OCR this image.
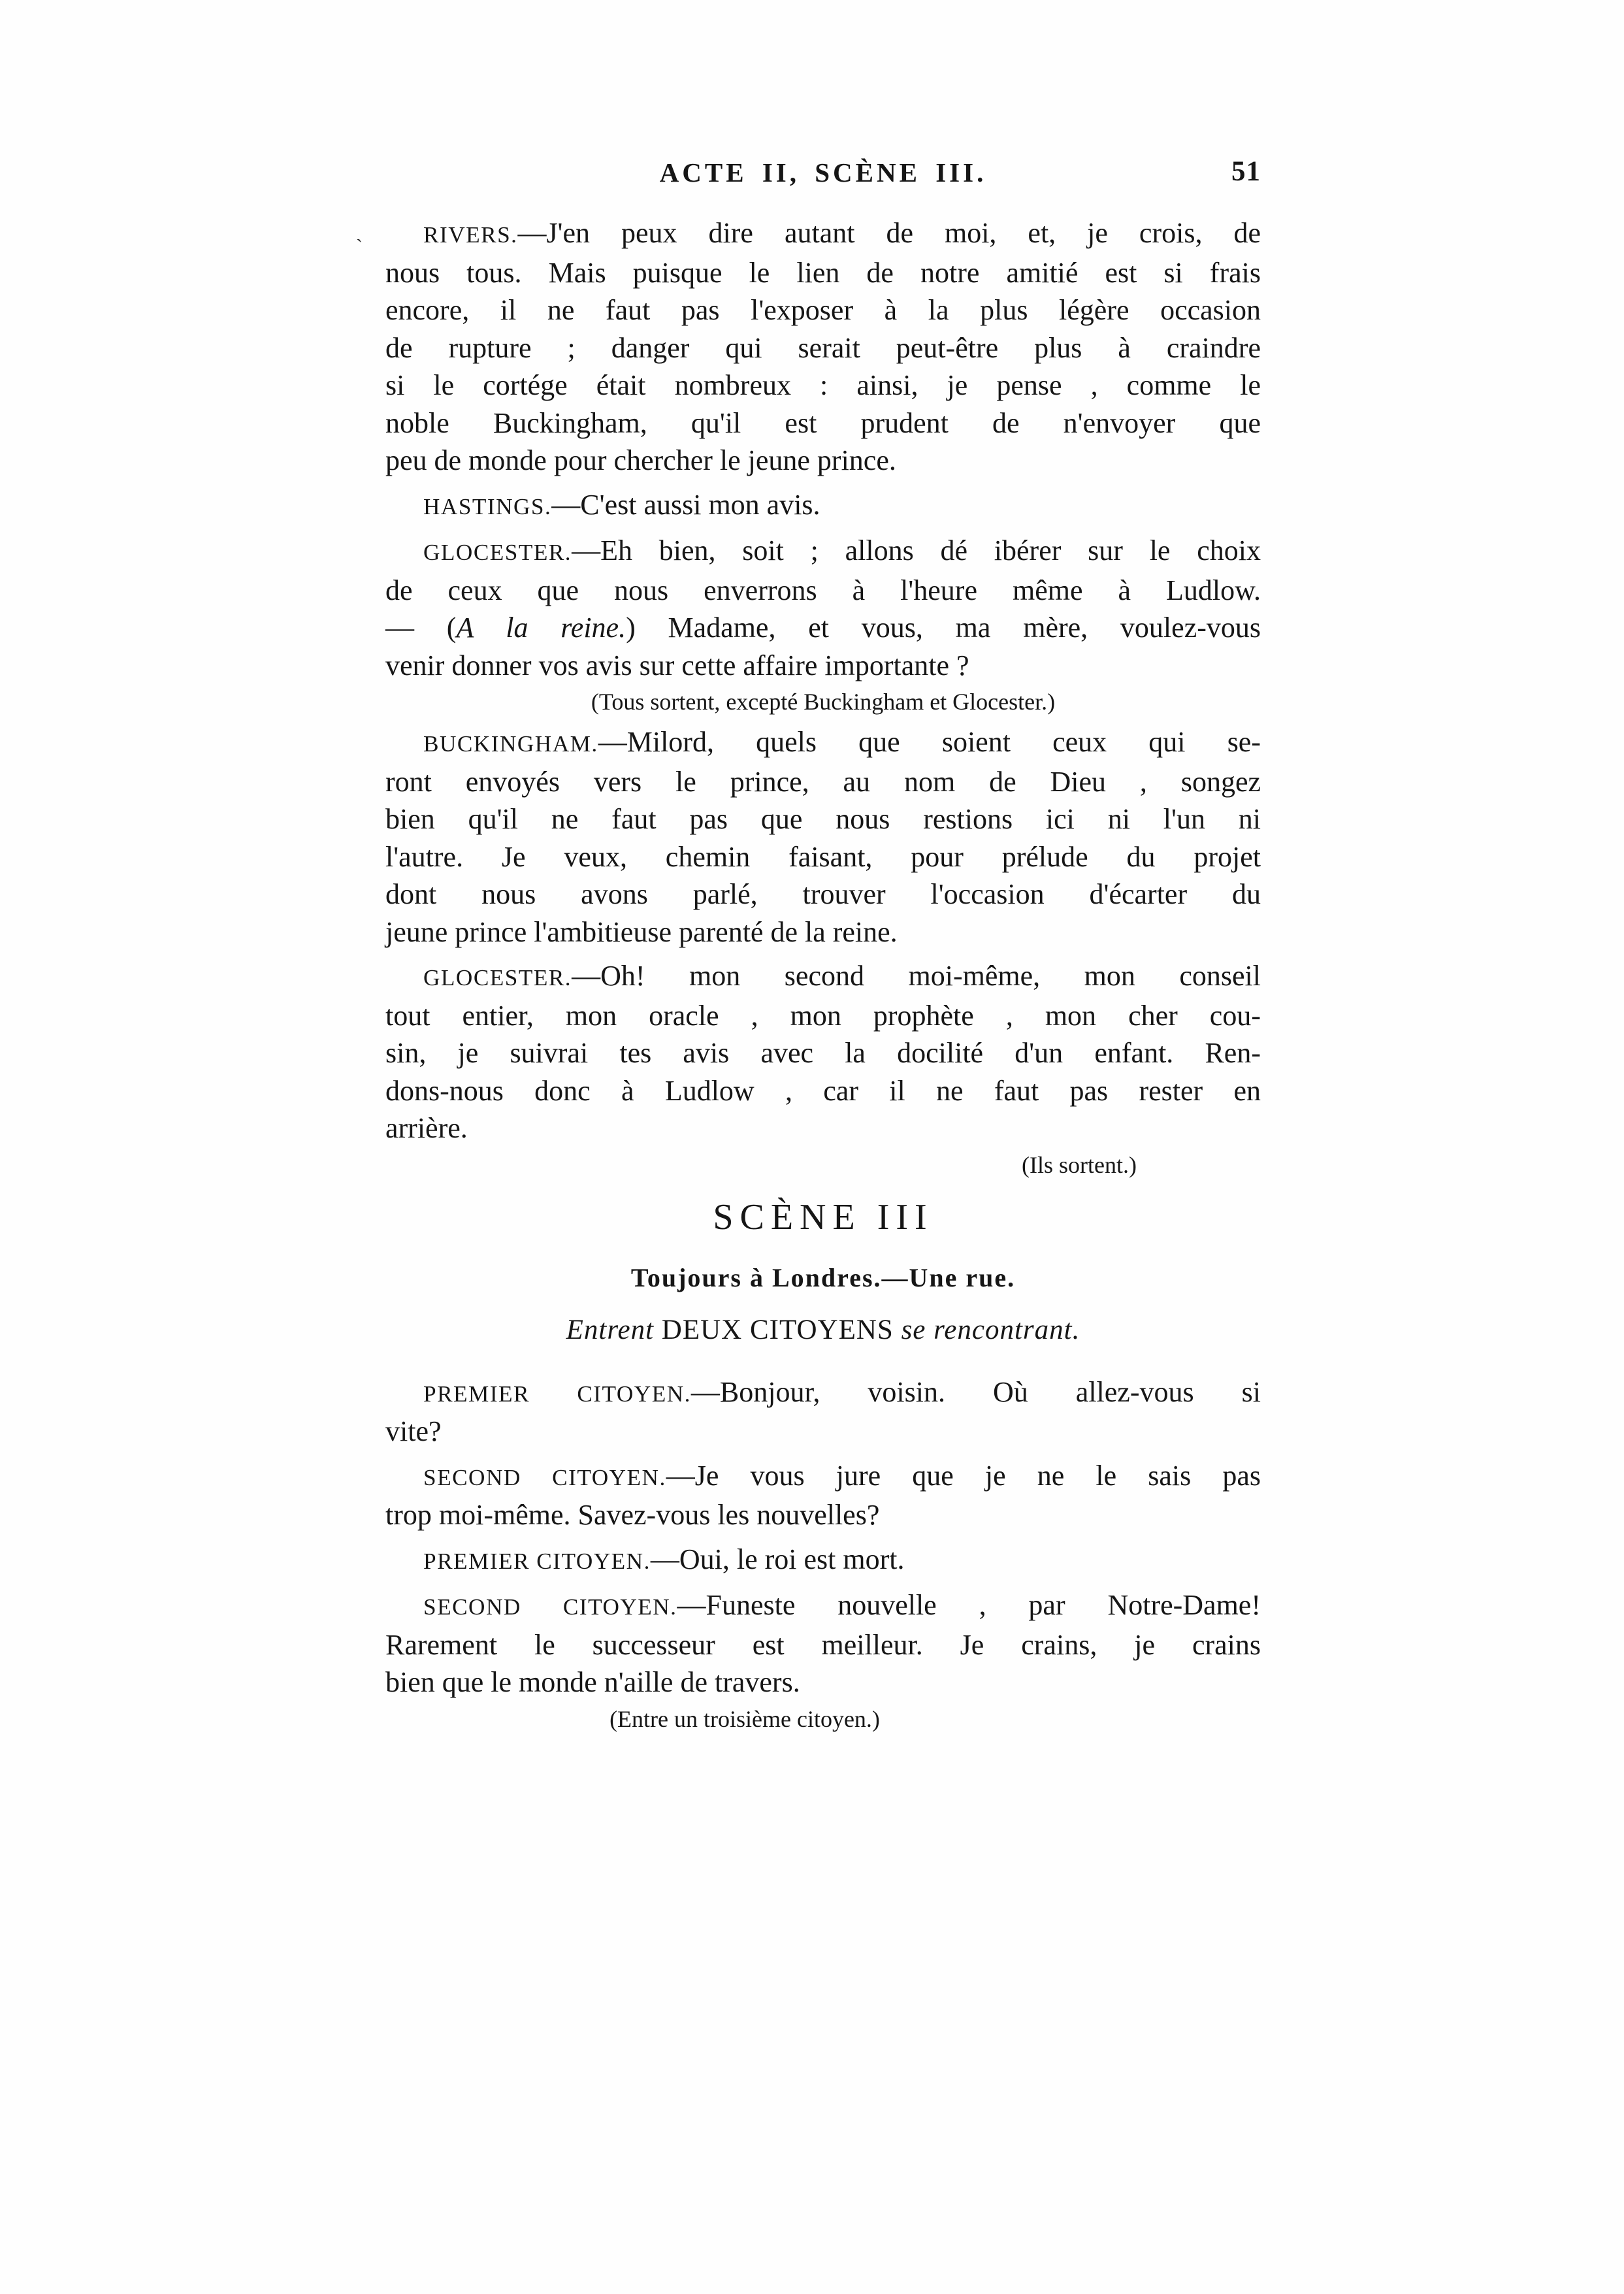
ACTE II, SCÈNE III.	51

RIVERS.—J'en peux dire autant de moi, et, je crois, de
nous tous. Mais puisque le lien de notre amitié est si frais
encore, il ne faut pas l'exposer à la plus légère occasion
de rupture ; danger qui serait peut-être plus à craindre
si le cortége était nombreux : ainsi, je pense , comme le
noble Buckingham, qu'il est prudent de n'envoyer que
peu de monde pour chercher le jeune prince.

HASTINGS.—C'est aussi mon avis.

GLOCESTER.—Eh bien, soit ; allons dé ibérer sur le choix
de ceux que nous enverrons à l'heure même à Ludlow.
— (A la reine.) Madame, et vous, ma mère, voulez-vous
venir donner vos avis sur cette affaire importante ?

(Tous sortent, excepté Buckingham et Glocester.)

BUCKINGHAM.—Milord, quels que soient ceux qui se-
ront envoyés vers le prince, au nom de Dieu , songez
bien qu'il ne faut pas que nous restions ici ni l'un ni
l'autre. Je veux, chemin faisant, pour prélude du projet
dont nous avons parlé, trouver l'occasion d'écarter du
jeune prince l'ambitieuse parenté de la reine.

GLOCESTER.—Oh! mon second moi-même, mon conseil
tout entier, mon oracle , mon prophète , mon cher cou-
sin, je suivrai tes avis avec la docilité d'un enfant. Ren-
dons-nous donc à Ludlow , car il ne faut pas rester en
arrière.

(Ils sortent.)
SCÈNE III
Toujours à Londres.—Une rue.
Entrent DEUX CITOYENS se rencontrant.

PREMIER CITOYEN.—Bonjour, voisin. Où allez-vous si
vite?

SECOND CITOYEN.—Je vous jure que je ne le sais pas
trop moi-même. Savez-vous les nouvelles?

PREMIER CITOYEN.—Oui, le roi est mort.

SECOND CITOYEN.—Funeste nouvelle , par Notre-Dame!
Rarement le successeur est meilleur. Je crains, je crains
bien que le monde n'aille de travers.

(Entre un troisième citoyen.)
ˎ
